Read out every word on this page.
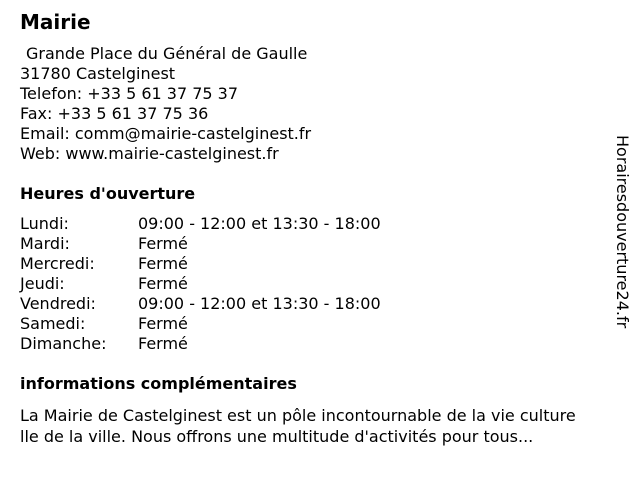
Mairie
Grande Place du Général de Gaulle
31780 Castelginest
Telefon: +33 5 61 37 75 37
Fax: +33 5 61 37 75 36
Email: comm@mairie-castelginest.fr
Web: www.mairie-castelginest.fr
Heures d'ouverture
Lundi:	09:00 - 12:00 et 13:30 - 18:00
Mardi:	Fermé
Mercredi:	Fermé
Jeudi:	Fermé
Vendredi:	09:00 - 12:00 et 13:30 - 18:00
Samedi:	Fermé
Dimanche: Fermé
informations complémentaires
La Mairie de Castelginest est un pôle incontournable de la vie culture
lle de la ville. Nous offrons une multitude d'activités pour tous...
Horairesdouverture24.fr
